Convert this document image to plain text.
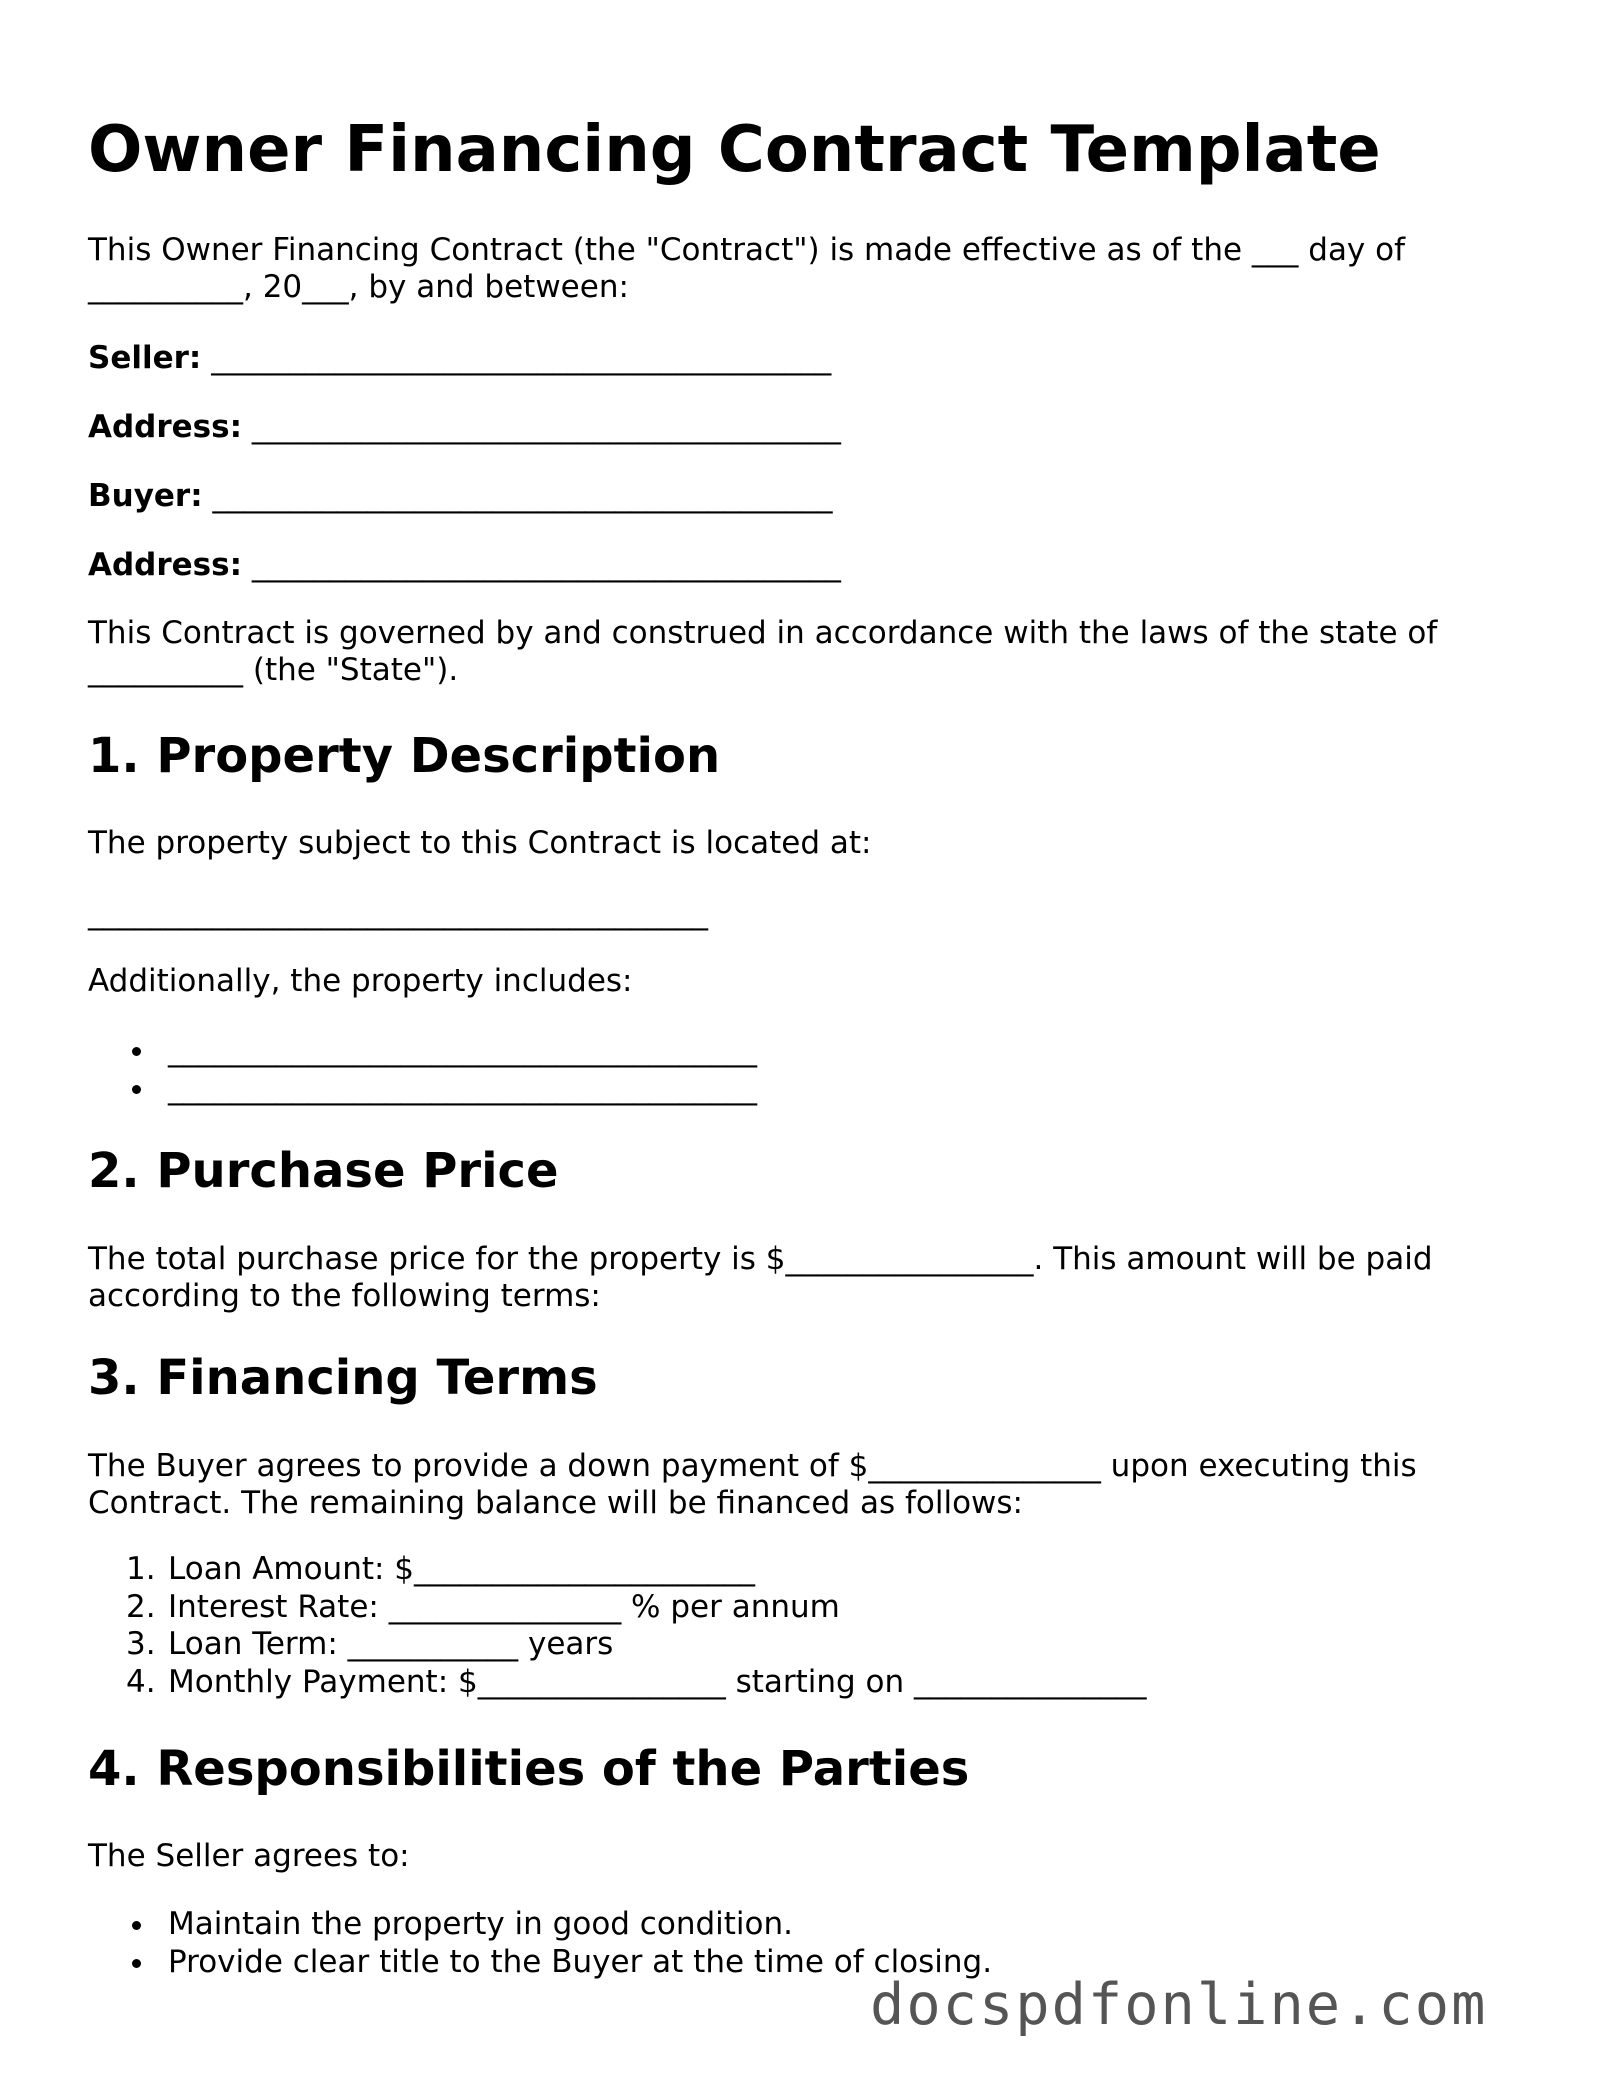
Owner Financing Contract Template

This Owner Financing Contract (the "Contract") is made effective as of the ___ day of __________, 20___, by and between:

Seller: ________________________________________

Address: ______________________________________

Buyer: ________________________________________

Address: ______________________________________

This Contract is governed by and construed in accordance with the laws of the state of __________ (the "State").

1. Property Description

The property subject to this Contract is located at:

________________________________________

Additionally, the property includes:

______________________________________
______________________________________
2. Purchase Price

The total purchase price for the property is $________________. This amount will be paid according to the following terms:

3. Financing Terms

The Buyer agrees to provide a down payment of $_______________ upon executing this Contract. The remaining balance will be financed as follows:

1. Loan Amount: $______________________
2. Interest Rate: _______________ % per annum
3. Loan Term: ___________ years
4. Monthly Payment: $________________ starting on _______________
4. Responsibilities of the Parties

The Seller agrees to:

Maintain the property in good condition.
Provide clear title to the Buyer at the time of closing.
docspdfonline.com
